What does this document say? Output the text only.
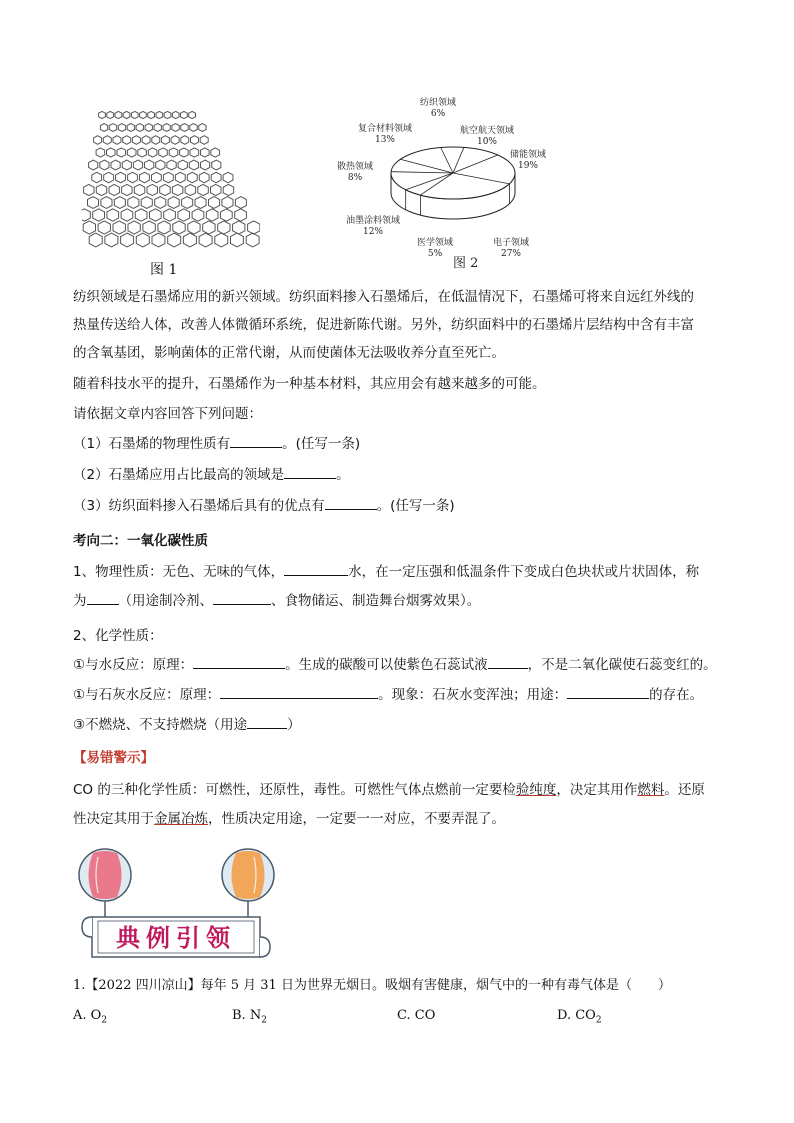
图 1
纺织领域
6%
航空航天领域
10%
储能领域
19%
电子领域
27%
医学领域
5%
油墨涂料领域
12%
散热领域
8%
复合材料领域
13%
图 2
纺织领域是石墨烯应用的新兴领域。纺织面料掺入石墨烯后，在低温情况下，石墨烯可将来自远红外线的
热量传送给人体，改善人体微循环系统，促进新陈代谢。另外，纺织面料中的石墨烯片层结构中含有丰富
的含氧基团，影响菌体的正常代谢，从而使菌体无法吸收养分直至死亡。
随着科技水平的提升，石墨烯作为一种基本材料，其应用会有越来越多的可能。
请依据文章内容回答下列问题：
（1）石墨烯的物理性质有	。(任写一条)
（2）石墨烯应用占比最高的领域是	。
（3）纺织面料掺入石墨烯后具有的优点有	。(任写一条)
考向二：一氧化碳性质
1、物理性质：无色、无味的气体，	水，在一定压强和低温条件下变成白色块状或片状固体，称
为 （用途制冷剂、	、食物储运、制造舞台烟雾效果）。
2、化学性质：
①与水反应：原理：	。生成的碳酸可以使紫色石蕊试液	，不是二氧化碳使石蕊变红的。
①与石灰水反应：原理：	。现象：石灰水变浑浊；用途：	的存在。
③不燃烧、不支持燃烧（用途	）
【易错警示】
CO 的三种化学性质：可燃性，还原性，毒性。可燃性气体点燃前一定要检验纯度，决定其用作燃料。还原
性决定其用于金属冶炼，性质决定用途，一定要一一对应，不要弄混了。
典例引领
1.【2022 四川凉山】每年 5 月 31 日为世界无烟日。吸烟有害健康，烟气中的一种有毒气体是（　　）
A. $O_2$	B. $N_2$	C. CO	D. $CO_2$
